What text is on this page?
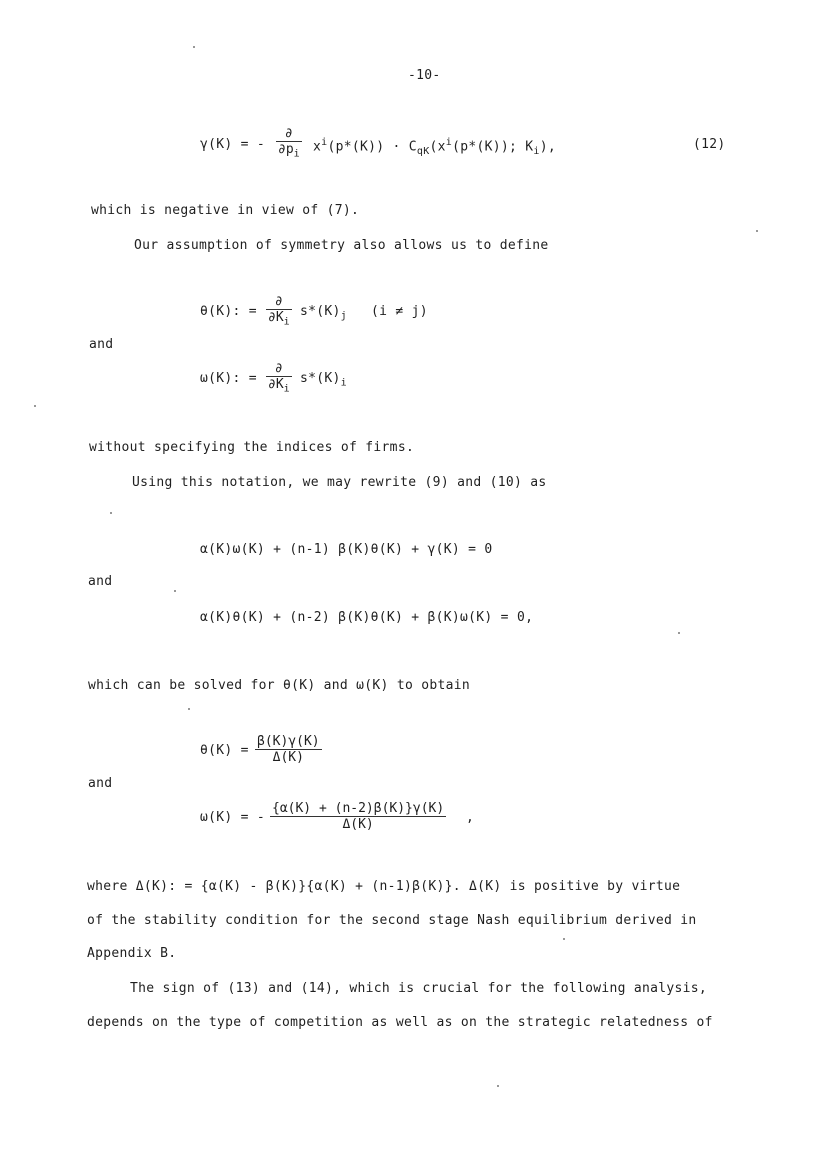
-10-
γ(K) = -
∂
$\partial p_i$ $x^i(p*(K)) \cdot C_{qK}(x^i(p*(K))$; $K_i$),	(12)
which is negative in view of (7).
Our assumption of symmetry also allows us to define
θ(K): =
∂
$\partial K_i$
$s*(K)_j$ (i ≠ j)
and
ω(K): =
∂
$\partial K_i$
$s*(K)_i$
without specifying the indices of firms.
Using this notation, we may rewrite (9) and (10) as
α(K)ω(K) + (n-1) β(K)θ(K) + γ(K) = 0
and
α(K)θ(K) + (n-2) β(K)θ(K) + β(K)ω(K) = 0,
which can be solved for θ(K) and ω(K) to obtain
$\theta(K) = \frac{\beta(K)\gamma(K)}{\Delta(K)}$
and
ω(K) = - $\frac{\{\alpha(K) + (n-2)\beta(K)\}\gamma(K)}{\Delta(K)}$ ,
where Δ(K): = {α(K) - β(K)}{α(K) + (n-1)β(K)}. Δ(K) is positive by virtue
of the stability condition for the second stage Nash equilibrium derived in
Appendix B.
The sign of (13) and (14), which is crucial for the following analysis,
depends on the type of competition as well as on the strategic relatedness of
